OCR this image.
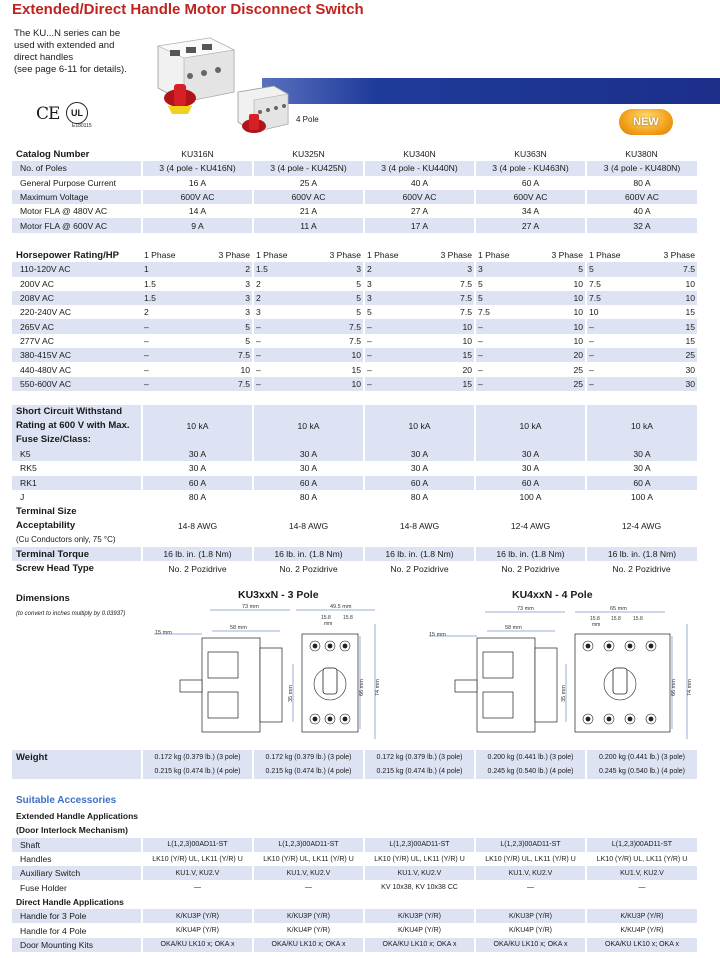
Extended/Direct Handle Motor Disconnect Switch
The KU...N series can be
used with extended and
direct handles
(see page 6-11 for details).
4 Pole
CE	UL
E180115	NEW
Catalog Number	KU316N	KU325N	KU340N	KU363N	KU380N
No. of Poles	3 (4 pole - KU416N)	3 (4 pole - KU425N)	3 (4 pole - KU440N)	3 (4 pole - KU463N)	3 (4 pole - KU480N)
General Purpose Current	16 A	25 A	40 A	60 A	80 A
Maximum Voltage	600V AC	600V AC	600V AC	600V AC	600V AC
Motor FLA @ 480V AC	14 A	21 A	27 A	34 A	40 A
Motor FLA @ 600V AC	9 A	11 A	17 A	27 A	32 A
Horsepower Rating/HP	1 Phase	3 Phase	1 Phase	3 Phase	1 Phase	3 Phase	1 Phase	3 Phase	1 Phase	3 Phase
110-120V AC	1	2	1.5	3	2	3	3	5	5	7.5
200V AC	1.5	3	2	5	3	7.5	5	10	7.5	10
208V AC	1.5	3	2	5	3	7.5	5	10	7.5	10
220-240V AC	2	3	3	5	5	7.5	7.5	10	10	15
265V AC	–	5	–	7.5	–	10	–	10	–	15
277V AC	–	5	–	7.5	–	10	–	10	–	15
380-415V AC	–	7.5	–	10	–	15	–	20	–	25
440-480V AC	–	10	–	15	–	20	–	25	–	30
550-600V AC	–	7.5	–	10	–	15	–	25	–	30
Short Circuit Withstand
Rating at 600 V with Max.
Fuse Size/Class:	10 kA	10 kA	10 kA	10 kA	10 kA
K5	30 A	30 A	30 A	30 A	30 A
RK5	30 A	30 A	30 A	30 A	30 A
RK1	60 A	60 A	60 A	60 A	60 A
J	80 A	80 A	80 A	100 A	100 A
Terminal Size					
Acceptability	14-8 AWG	14-8 AWG	14-8 AWG	12-4 AWG	12-4 AWG
(Cu Conductors only, 75 °C)					
Terminal Torque	16 lb. in. (1.8 Nm)	16 lb. in. (1.8 Nm)	16 lb. in. (1.8 Nm)	16 lb. in. (1.8 Nm)	16 lb. in. (1.8 Nm)
Screw Head Type	No. 2 Pozidrive	No. 2 Pozidrive	No. 2 Pozidrive	No. 2 Pozidrive	No. 2 Pozidrive
Dimensions
(to convert to inches multiply by 0.03937)
KU3xxN - 3 Pole	KU4xxN - 4 Pole
73 mm	49.5 mm
15.8 15.8
mm
15 mm
58 mm
35 mm	66 mm 74 mm
73 mm	65 mm
15.8 15.8 15.8
mm
15 mm
58 mm
35 mm	66 mm 74 mm
Weight	0.172 kg (0.379 lb.) (3 pole)	0.172 kg (0.379 lb.) (3 pole)	0.172 kg (0.379 lb.) (3 pole)	0.200 kg (0.441 lb.) (3 pole)	0.200 kg (0.441 lb.) (3 pole)
	0.215 kg (0.474 lb.) (4 pole)	0.215 kg (0.474 lb.) (4 pole)	0.215 kg (0.474 lb.) (4 pole)	0.245 kg (0.540 lb.) (4 pole)	0.245 kg (0.540 lb.) (4 pole)
Suitable Accessories
Extended Handle Applications					
(Door Interlock Mechanism)					
Shaft	L(1,2,3)00AD11-ST	L(1,2,3)00AD11-ST	L(1,2,3)00AD11-ST	L(1,2,3)00AD11-ST	L(1,2,3)00AD11-ST
Handles	LK10 (Y/R) UL, LK11 (Y/R) U	LK10 (Y/R) UL, LK11 (Y/R) U	LK10 (Y/R) UL, LK11 (Y/R) U	LK10 (Y/R) UL, LK11 (Y/R) U	LK10 (Y/R) UL, LK11 (Y/R) U
Auxiliary Switch	KU1.V, KU2.V	KU1.V, KU2.V	KU1.V, KU2.V	KU1.V, KU2.V	KU1.V, KU2.V
Fuse Holder	—	—	KV 10x38, KV 10x38 CC	—	—
Direct Handle Applications					
Handle for 3 Pole	K/KU3P (Y/R)	K/KU3P (Y/R)	K/KU3P (Y/R)	K/KU3P (Y/R)	K/KU3P (Y/R)
Handle for 4 Pole	K/KU4P (Y/R)	K/KU4P (Y/R)	K/KU4P (Y/R)	K/KU4P (Y/R)	K/KU4P (Y/R)
Door Mounting Kits	OKA/KU LK10 x; OKA x	OKA/KU LK10 x; OKA x	OKA/KU LK10 x; OKA x	OKA/KU LK10 x; OKA x	OKA/KU LK10 x; OKA x
